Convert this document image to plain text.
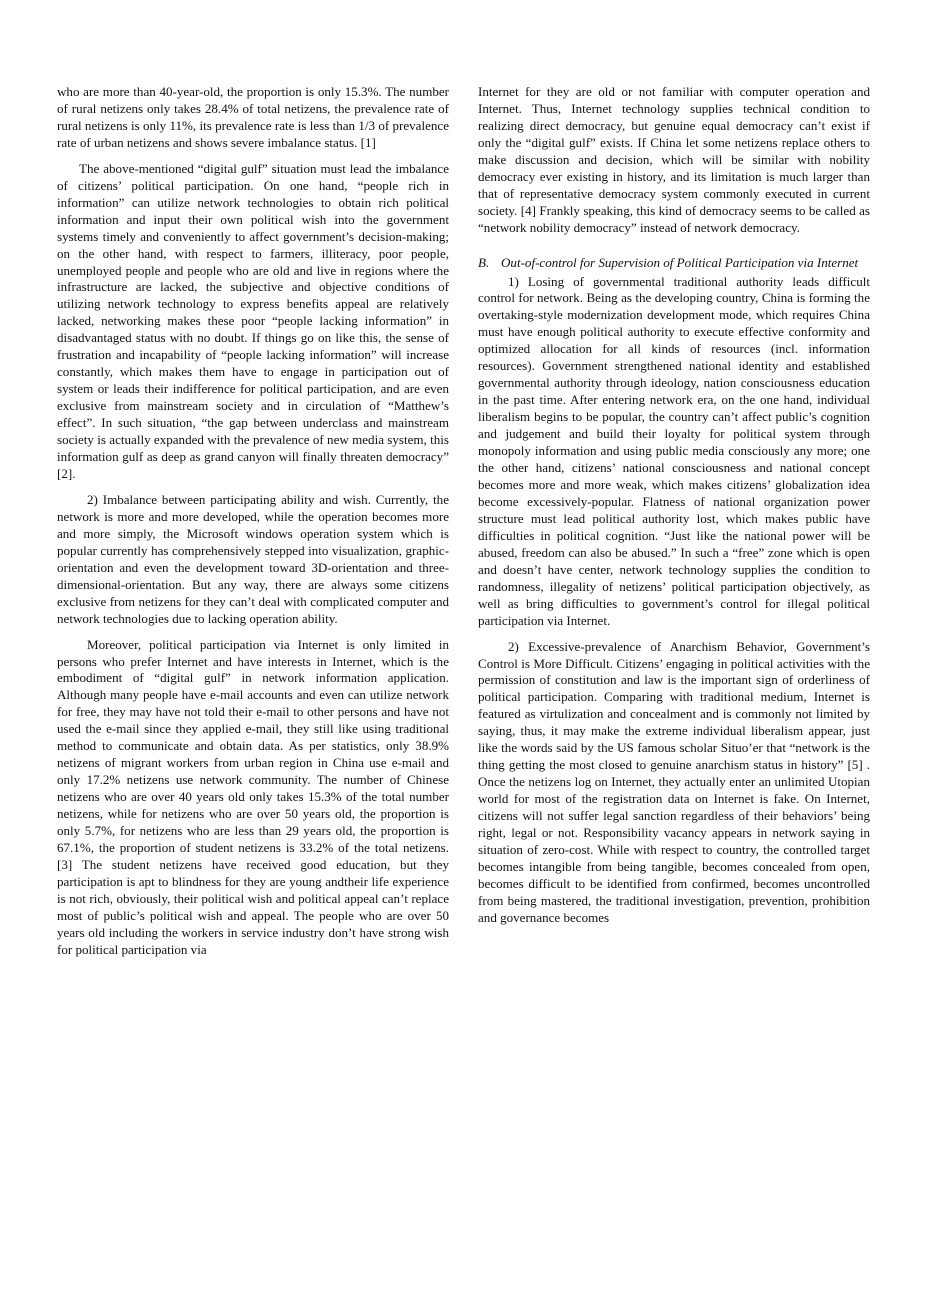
who are more than 40-year-old, the proportion is only 15.3%. The number of rural netizens only takes 28.4% of total netizens, the prevalence rate of rural netizens is only 11%, its prevalence rate is less than 1/3 of prevalence rate of urban netizens and shows severe imbalance status. [1]

The above-mentioned “digital gulf” situation must lead the imbalance of citizens’ political participation. On one hand, “people rich in information” can utilize network technologies to obtain rich political information and input their own political wish into the government systems timely and conveniently to affect government’s decision-making; on the other hand, with respect to farmers, illiteracy, poor people, unemployed people and people who are old and live in regions where the infrastructure are lacked, the subjective and objective conditions of utilizing network technology to express benefits appeal are relatively lacked, networking makes these poor “people lacking information” in disadvantaged status with no doubt. If things go on like this, the sense of frustration and incapability of “people lacking information” will increase constantly, which makes them have to engage in participation out of system or leads their indifference for political participation, and are even exclusive from mainstream society and in circulation of “Matthew’s effect”. In such situation, “the gap between underclass and mainstream society is actually expanded with the prevalence of new media system, this information gulf as deep as grand canyon will finally threaten democracy” [2].

2) Imbalance between participating ability and wish. Currently, the network is more and more developed, while the operation becomes more and more simply, the Microsoft windows operation system which is popular currently has comprehensively stepped into visualization, graphic-orientation and even the development toward 3D-orientation and three-dimensional-orientation. But any way, there are always some citizens exclusive from netizens for they can’t deal with complicated computer and network technologies due to lacking operation ability.

Moreover, political participation via Internet is only limited in persons who prefer Internet and have interests in Internet, which is the embodiment of “digital gulf” in network information application. Although many people have e-mail accounts and even can utilize network for free, they may have not told their e-mail to other persons and have not used the e-mail since they applied e-mail, they still like using traditional method to communicate and obtain data. As per statistics, only 38.9% netizens of migrant workers from urban region in China use e-mail and only 17.2% netizens use network community. The number of Chinese netizens who are over 40 years old only takes 15.3% of the total number netizens, while for netizens who are over 50 years old, the proportion is only 5.7%, for netizens who are less than 29 years old, the proportion is 67.1%, the proportion of student netizens is 33.2% of the total netizens. [3] The student netizens have received good education, but they participation is apt to blindness for they are young andtheir life experience is not rich, obviously, their political wish and political appeal can’t replace most of public’s political wish and appeal. The people who are over 50 years old including the workers in service industry don’t have strong wish for political participation via

Internet for they are old or not familiar with computer operation and Internet. Thus, Internet technology supplies technical condition to realizing direct democracy, but genuine equal democracy can’t exist if only the “digital gulf” exists. If China let some netizens replace others to make discussion and decision, which will be similar with nobility democracy ever existing in history, and its limitation is much larger than that of representative democracy system commonly executed in current society. [4] Frankly speaking, this kind of democracy seems to be called as “network nobility democracy” instead of network democracy.

B. Out-of-control for Supervision of Political Participation via Internet

1) Losing of governmental traditional authority leads difficult control for network. Being as the developing country, China is forming the overtaking-style modernization development mode, which requires China must have enough political authority to execute effective conformity and optimized allocation for all kinds of resources (incl. information resources). Government strengthened national identity and established governmental authority through ideology, nation consciousness education in the past time. After entering network era, on the one hand, individual liberalism begins to be popular, the country can’t affect public’s cognition and judgement and build their loyalty for political system through monopoly information and using public media consciously any more; one the other hand, citizens’ national consciousness and national concept becomes more and more weak, which makes citizens’ globalization idea become excessively-popular. Flatness of national organization power structure must lead political authority lost, which makes public have difficulties in political cognition. “Just like the national power will be abused, freedom can also be abused.” In such a “free” zone which is open and doesn’t have center, network technology supplies the condition to randomness, illegality of netizens’ political participation objectively, as well as bring difficulties to government’s control for illegal political participation via Internet.

2) Excessive-prevalence of Anarchism Behavior, Government’s Control is More Difficult. Citizens’ engaging in political activities with the permission of constitution and law is the important sign of orderliness of political participation. Comparing with traditional medium, Internet is featured as virtulization and concealment and is commonly not limited by saying, thus, it may make the extreme individual liberalism appear, just like the words said by the US famous scholar Situo’er that “network is the thing getting the most closed to genuine anarchism status in history” [5] . Once the netizens log on Internet, they actually enter an unlimited Utopian world for most of the registration data on Internet is fake. On Internet, citizens will not suffer legal sanction regardless of their behaviors’ being right, legal or not. Responsibility vacancy appears in network saying in situation of zero-cost. While with respect to country, the controlled target becomes intangible from being tangible, becomes concealed from open, becomes difficult to be identified from confirmed, becomes uncontrolled from being mastered, the traditional investigation, prevention, prohibition and governance becomes
